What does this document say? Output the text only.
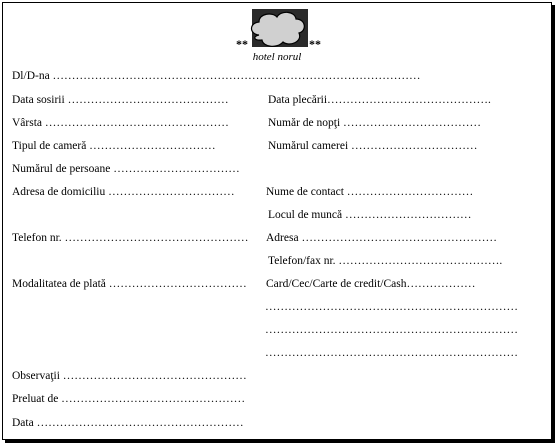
**	**
hotel norul
Dl/D-na ……………………………………………………………………………………
Data sosirii ……………………………………	Data plecării…………………………………….
Vârsta …………………………………………	Număr de nopţi ………………………………
Tipul de cameră ……………………………	Numărul camerei ……………………………
Numărul de persoane ……………………………
Adresa de domiciliu ……………………………	Nume de contact ……………………………
Locul de muncă ……………………………
Telefon nr. ………………………………………… Adresa ……………………………………………
Telefon/fax nr. …………………………………….
Modalitatea de plată ……………………………… Card/Cec/Carte de credit/Cash………………
…………………………………………………………
…………………………………………………………
…………………………………………………………
Observaţii …………………………………………
Preluat de …………………………………………
Data ………………………………………………
